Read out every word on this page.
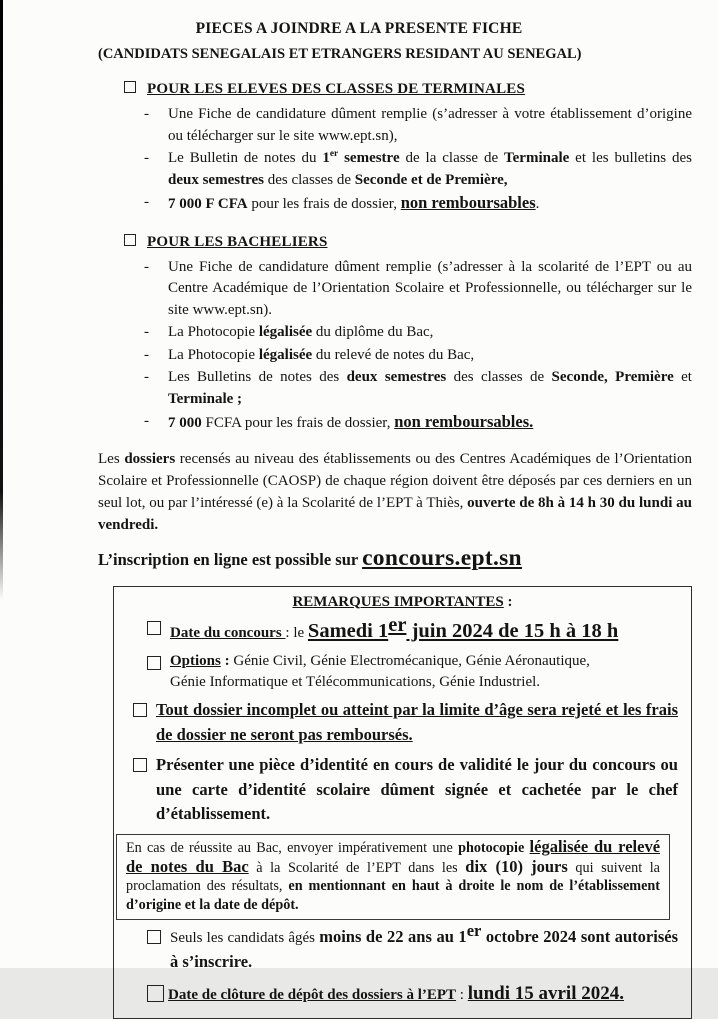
PIECES A JOINDRE A LA PRESENTE FICHE
(CANDIDATS SENEGALAIS ET ETRANGERS RESIDANT AU SENEGAL)
POUR LES ELEVES DES CLASSES DE TERMINALES
-	Une Fiche de candidature dûment remplie (s’adresser à votre établissement d’origine ou télécharger sur le site www.ept.sn),
-	Le Bulletin de notes du 1er semestre de la classe de Terminale et les bulletins des deux semestres des classes de Seconde et de Première,
-	7 000 F CFA pour les frais de dossier, non remboursables.
POUR LES BACHELIERS
-	Une Fiche de candidature dûment remplie (s’adresser à la scolarité de l’EPT ou au Centre Académique de l’Orientation Scolaire et Professionnelle, ou télécharger sur le site www.ept.sn).
-	La Photocopie légalisée du diplôme du Bac,
-	La Photocopie légalisée du relevé de notes du Bac,
-	Les Bulletins de notes des deux semestres des classes de Seconde, Première et Terminale ;
-	7 000 FCFA pour les frais de dossier, non remboursables.
Les dossiers recensés au niveau des établissements ou des Centres Académiques de l’Orientation Scolaire et Professionnelle (CAOSP) de chaque région doivent être déposés par ces derniers en un seul lot, ou par l’intéressé (e) à la Scolarité de l’EPT à Thiès, ouverte de 8h à 14 h 30 du lundi au vendredi.
L’inscription en ligne est possible sur concours.ept.sn
REMARQUES IMPORTANTES :
Date du concours : le Samedi 1er juin 2024 de 15 h à 18 h
Options : Génie Civil, Génie Electromécanique, Génie Aéronautique,
Génie Informatique et Télécommunications, Génie Industriel.
Tout dossier incomplet ou atteint par la limite d’âge sera rejeté et les frais de dossier ne seront pas remboursés.
Présenter une pièce d’identité en cours de validité le jour du concours ou une carte d’identité scolaire dûment signée et cachetée par le chef d’établissement.
En cas de réussite au Bac, envoyer impérativement une photocopie légalisée du relevé de notes du Bac à la Scolarité de l’EPT dans les dix (10) jours qui suivent la proclamation des résultats, en mentionnant en haut à droite le nom de l’établissement d’origine et la date de dépôt.
Seuls les candidats âgés moins de 22 ans au 1er octobre 2024 sont autorisés à s’inscrire.
Date de clôture de dépôt des dossiers à l’EPT : lundi 15 avril 2024.
